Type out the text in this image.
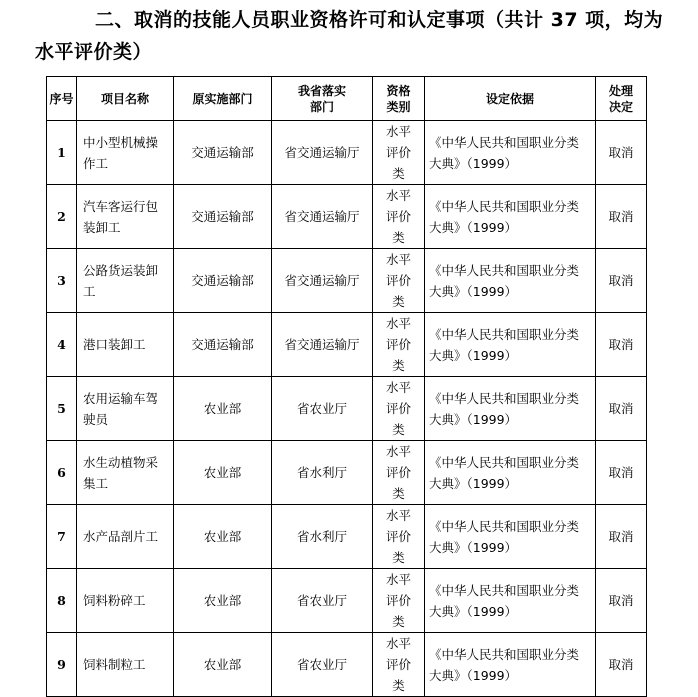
二、取消的技能人员职业资格许可和认定事项（共计 37 项，均为水平评价类）
序号	项目名称	原实施部门	我省落实部门	资格类别	设定依据	处理决定
1	中小型机械操作工	交通运输部	省交通运输厅	水平评价类	《中华人民共和国职业分类大典》（1999）	取消
2	汽车客运行包装卸工	交通运输部	省交通运输厅	水平评价类	《中华人民共和国职业分类大典》（1999）	取消
3	公路货运装卸工	交通运输部	省交通运输厅	水平评价类	《中华人民共和国职业分类大典》（1999）	取消
4	港口装卸工	交通运输部	省交通运输厅	水平评价类	《中华人民共和国职业分类大典》（1999）	取消
5	农用运输车驾驶员	农业部	省农业厅	水平评价类	《中华人民共和国职业分类大典》（1999）	取消
6	水生动植物采集工	农业部	省水利厅	水平评价类	《中华人民共和国职业分类大典》（1999）	取消
7	水产品剖片工	农业部	省水利厅	水平评价类	《中华人民共和国职业分类大典》（1999）	取消
8	饲料粉碎工	农业部	省农业厅	水平评价类	《中华人民共和国职业分类大典》（1999）	取消
9	饲料制粒工	农业部	省农业厅	水平评价类	《中华人民共和国职业分类大典》（1999）	取消
